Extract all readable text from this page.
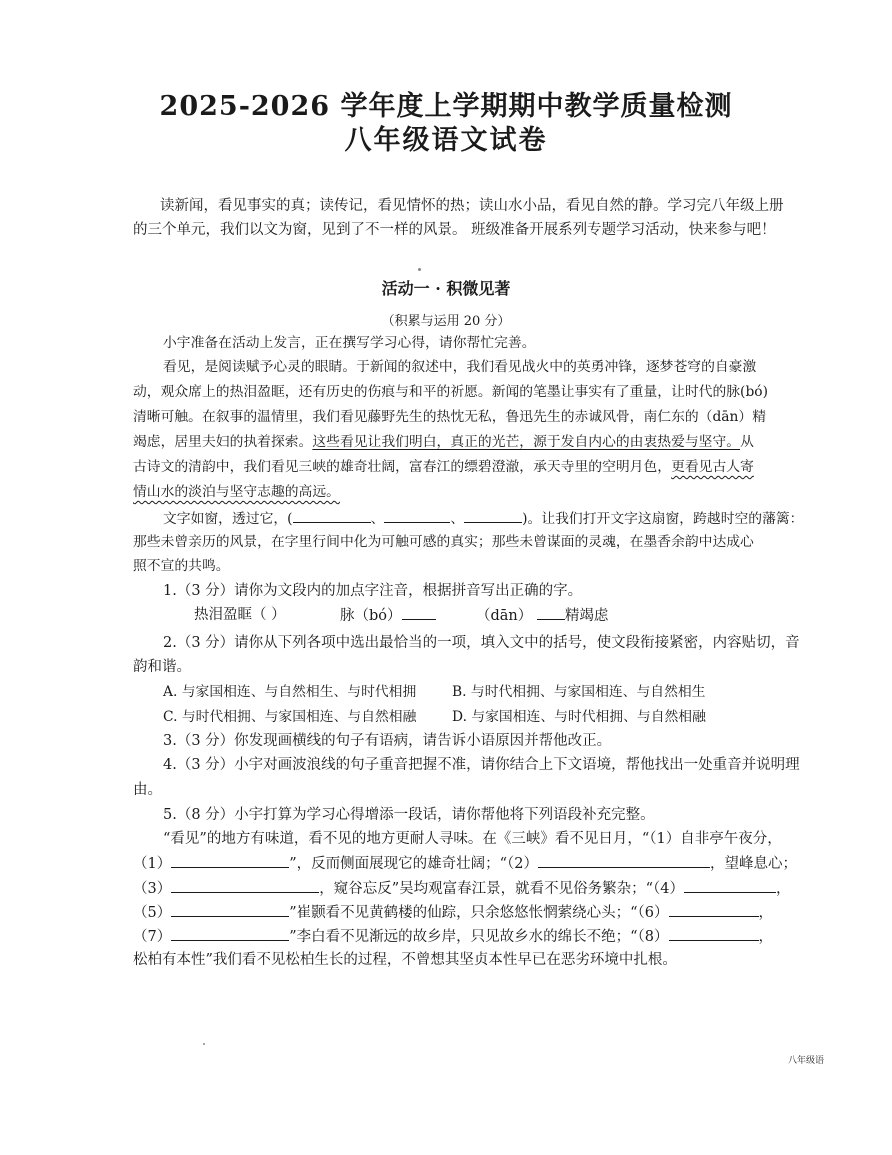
2025-2026 学年度上学期期中教学质量检测
八年级语文试卷
读新闻，看见事实的真；读传记，看见情怀的热；读山水小品，看见自然的静。学习完八年级上册
的三个单元，我们以文为窗，见到了不一样的风景。 班级准备开展系列专题学习活动，快来参与吧！
活动一 · 积微见著
（积累与运用 20 分）
小宇准备在活动上发言，正在撰写学习心得，请你帮忙完善。
看见，是阅读赋予心灵的眼睛。于新闻的叙述中，我们看见战火中的英勇冲锋，逐梦苍穹的自豪激
动，观众席上的热泪盈眶，还有历史的伤痕与和平的祈愿。新闻的笔墨让事实有了重量，让时代的脉(bó)
清晰可触。在叙事的温情里，我们看见藤野先生的热忱无私，鲁迅先生的赤诚风骨，南仁东的（dān）精
竭虑，居里夫妇的执着探索。这些看见让我们明白，真正的光芒，源于发自内心的由衷热爱与坚守。从
古诗文的清韵中，我们看见三峡的雄奇壮阔，富春江的缥碧澄澈，承天寺里的空明月色，更看见古人寄
情山水的淡泊与坚守志趣的高远。
文字如窗，透过它，(	、	、	)。让我们打开文字这扇窗，跨越时空的藩篱：
那些未曾亲历的风景，在字里行间中化为可触可感的真实；那些未曾谋面的灵魂，在墨香余韵中达成心
照不宣的共鸣。
1.（3 分）请你为文段内的加点字注音，根据拼音写出正确的字。
热泪盈眶（ ）	脉（bó）	（dān） 精竭虑
2.（3 分）请你从下列各项中选出最恰当的一项，填入文中的括号，使文段衔接紧密，内容贴切，音
韵和谐。
A. 与家国相连、与自然相生、与时代相拥	B. 与时代相拥、与家国相连、与自然相生
C. 与时代相拥、与家国相连、与自然相融	D. 与家国相连、与时代相拥、与自然相融
3.（3 分）你发现画横线的句子有语病，请告诉小语原因并帮他改正。
4.（3 分）小宇对画波浪线的句子重音把握不准，请你结合上下文语境，帮他找出一处重音并说明理
由。
5.（8 分）小宇打算为学习心得增添一段话，请你帮他将下列语段补充完整。
“看见”的地方有味道，看不见的地方更耐人寻味。在《三峡》看不见日月，“（1）自非亭午夜分，
（1）	”，反而侧面展现它的雄奇壮阔；“（2）	，望峰息心；
（3）	，窥谷忘反”吴均观富春江景，就看不见俗务繁杂；“（4）	，
（5）	”崔颢看不见黄鹤楼的仙踪，只余悠悠怅惘萦绕心头；“（6）	，
（7）	”李白看不见渐远的故乡岸，只见故乡水的绵长不绝；“（8）	，
松柏有本性”我们看不见松柏生长的过程，不曾想其坚贞本性早已在恶劣环境中扎根。
八年级语
